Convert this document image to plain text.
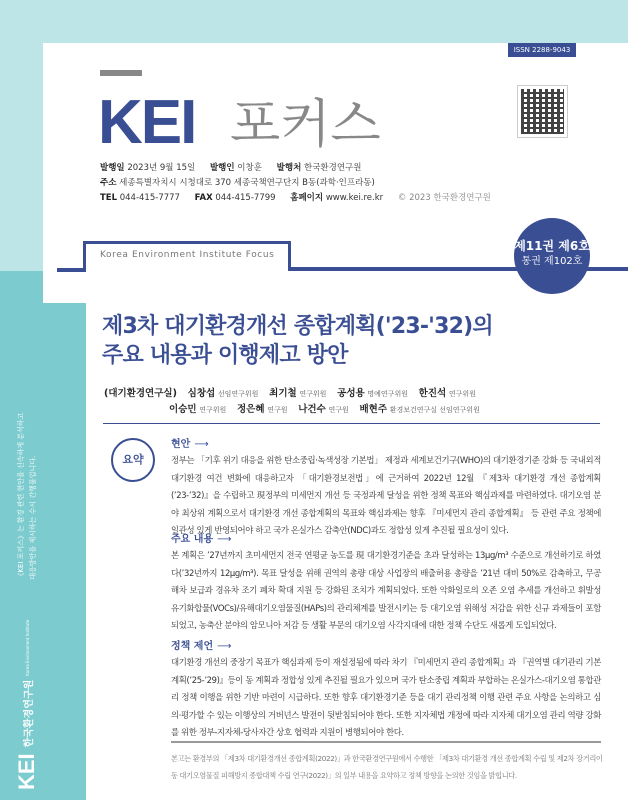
ISSN 2288-9043
KEI 포커스
발행일 2023년 9월 15일 발행인 이창훈 발행처 한국환경연구원
주소 세종특별자치시 시청대로 370 세종국책연구단지 B동(과학·인프라동)
TEL 044-415-7777 FAX 044-415-7799 홈페이지 www.kei.re.kr © 2023 한국환경연구원
Korea Environment Institute Focus
제11권 제6호
통권 제102호
제3차 대기환경개선 종합계획('23-'32)의
주요 내용과 이행제고 방안
(대기환경연구실) 심창섭 선임연구위원 최기철 연구위원 공성용 명예연구위원 한진석 연구위원
이승민 연구위원 정은혜 연구원 나건수 연구원 배현주 환경보건연구실 선임연구위원
요약
현안 ⟶

정부는 「기후 위기 대응을 위한 탄소중립·녹색성장 기본법」 제정과 세계보건기구(WHO)의 대기환경기준 강화 등 국내외적 대기환경 여건 변화에 대응하고자 「대기환경보전법」에 근거하여 2022년 12월 『제3차 대기환경 개선 종합계획(’23-’32)』을 수립하고 現정부의 미세먼지 개선 등 국정과제 달성을 위한 정책 목표와 핵심과제를 마련하였다. 대기오염 분야 최상위 계획으로서 대기환경 개선 종합계획의 목표와 핵심과제는 향후 『미세먼지 관리 종합계획』 등 관련 주요 정책에 일관성 있게 반영되어야 하고 국가 온실가스 감축안(NDC)과도 정합성 있게 추진될 필요성이 있다.

주요 내용 ⟶

본 계획은 ’27년까지 초미세먼지 전국 연평균 농도를 現 대기환경기준을 초과 달성하는 13μg/m³ 수준으로 개선하기로 하였다(’32년까지 12μg/m³). 목표 달성을 위해 권역의 총량 대상 사업장의 배출허용 총량을 ’21년 대비 50%로 감축하고, 무공해차 보급과 경유차 조기 폐차 확대 지원 등 강화된 조치가 계획되었다. 또한 악화일로의 오존 오염 추세를 개선하고 휘발성 유기화합물(VOCs)/유해대기오염물질(HAPs)의 관리체계를 발전시키는 등 대기오염 위해성 저감을 위한 신규 과제들이 포함되었고, 농축산 분야의 암모니아 저감 등 생활 부문의 대기오염 사각지대에 대한 정책 수단도 새롭게 도입되었다.

정책 제언 ⟶

대기환경 개선의 중장기 목표가 핵심과제 등이 재설정됨에 따라 차기 『미세먼지 관리 종합계획』과 『권역별 대기관리 기본계획(’25-’29)』등이 동 계획과 정합성 있게 추진될 필요가 있으며 국가 탄소중립 계획과 부합하는 온실가스-대기오염 통합관리 정책 이행을 위한 기반 마련이 시급하다. 또한 향후 대기환경기준 등을 대기 관리정책 이행 관련 주요 사항을 논의하고 심의·평가할 수 있는 이행상의 거버넌스 발전이 뒷받침되어야 한다. 또한 지자체법 개정에 따라 지자체 대기오염 관리 역량 강화를 위한 정부-지자체-당사자간 상호 협력과 지원이 병행되어야 한다.

본고는 환경부의 「제3차 대기환경개선 종합계획(2022)」과 한국환경연구원에서 수행한 「제3차 대기환경 개선 종합계획 수립 및 제2차 장거리이동 대기오염물질 피해방지 종합대책 수립 연구(2022)」의 일부 내용을 요약하고 정책 방향을 논의한 것임을 밝힙니다.
KEI
한국환경연구원
Korea Environment Institute
《KEI 포커스》는 환경 관련 현안을 신속하게 분석하고 대응방안을 제시하는 수시 간행물입니다.
